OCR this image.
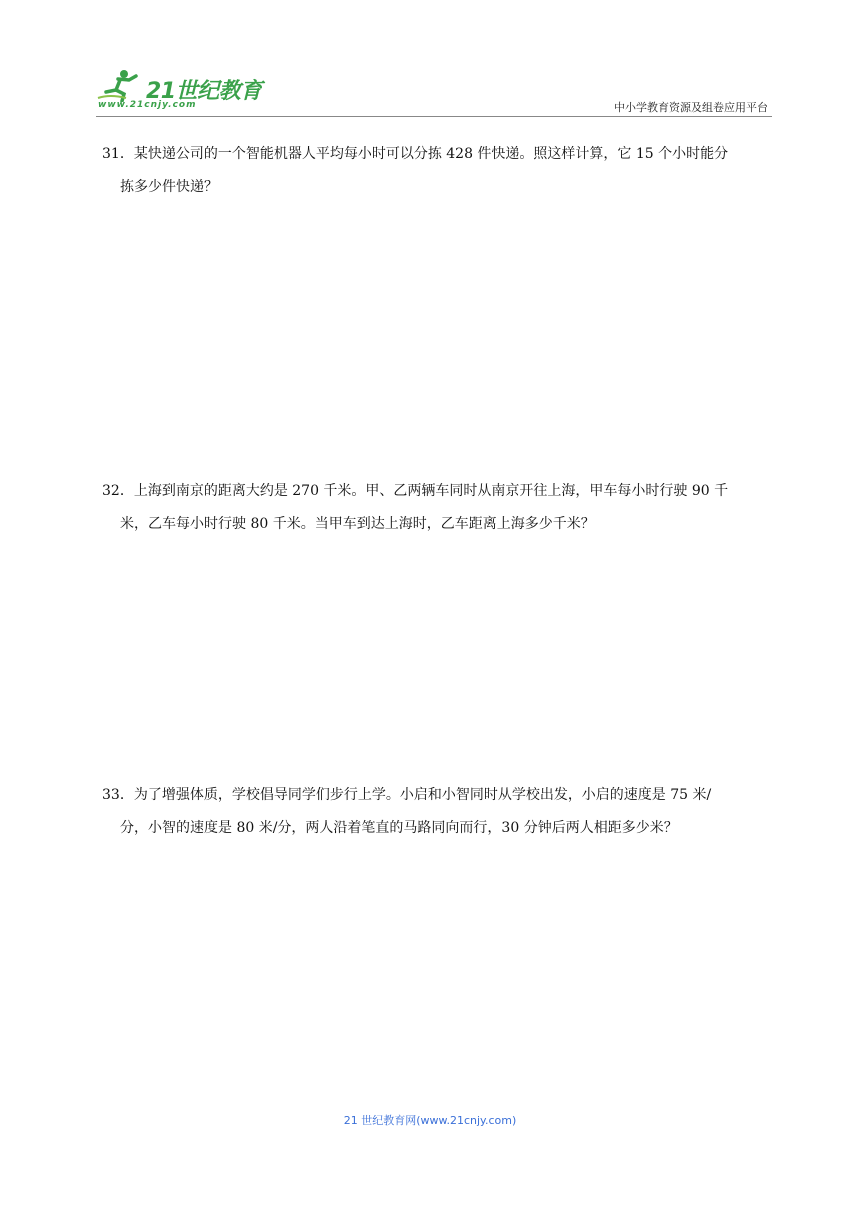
21世纪教育
www.21cnjy.com	中小学教育资源及组卷应用平台
31．某快递公司的一个智能机器人平均每小时可以分拣 428 件快递。照这样计算，它 15 个小时能分
拣多少件快递？
32．上海到南京的距离大约是 270 千米。甲、乙两辆车同时从南京开往上海，甲车每小时行驶 90 千
米，乙车每小时行驶 80 千米。当甲车到达上海时，乙车距离上海多少千米？
33．为了增强体质，学校倡导同学们步行上学。小启和小智同时从学校出发，小启的速度是 75 米/
分，小智的速度是 80 米/分，两人沿着笔直的马路同向而行，30 分钟后两人相距多少米？
21 世纪教育网(www.21cnjy.com)
